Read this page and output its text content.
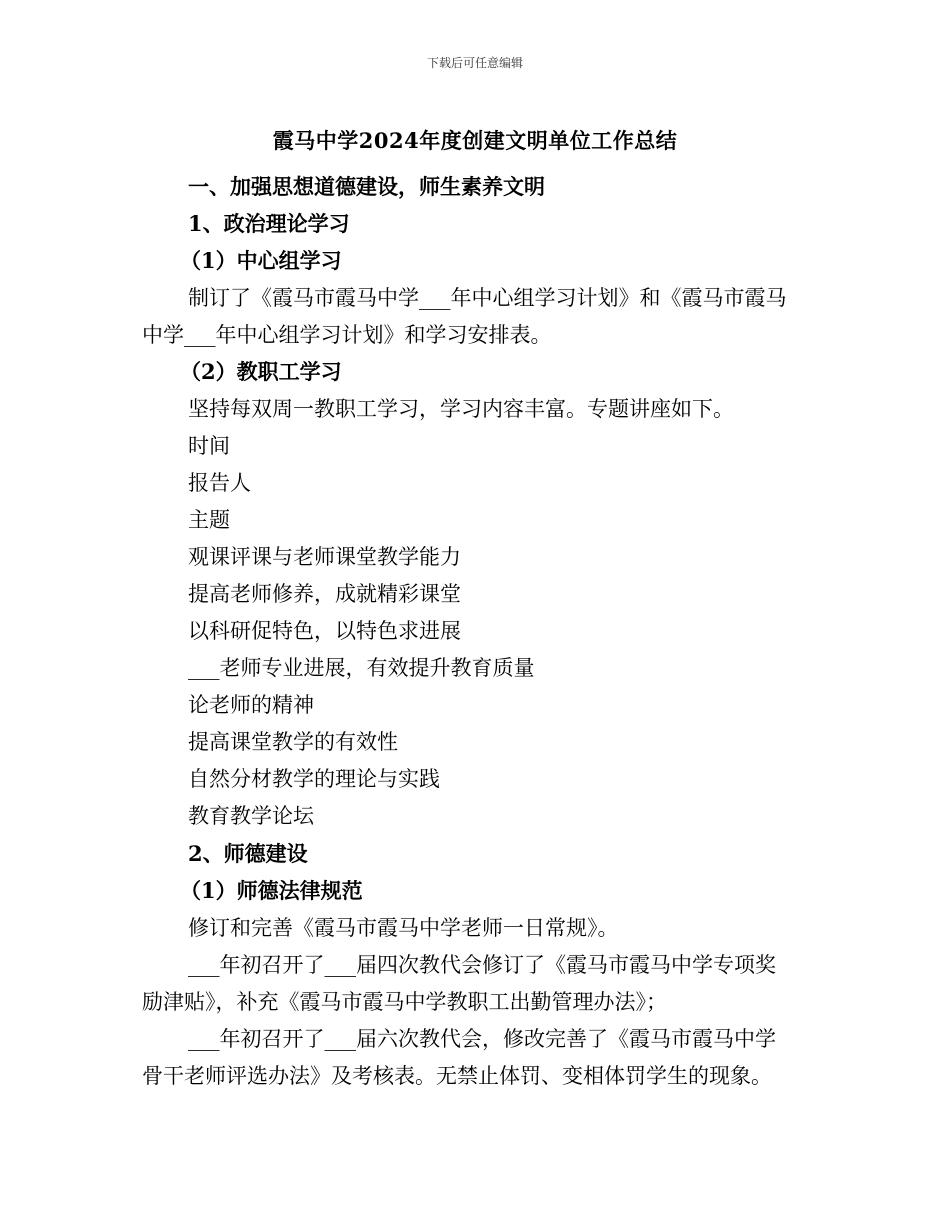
下载后可任意编辑
霞马中学2024年度创建文明单位工作总结
一、加强思想道德建设，师生素养文明
1、政治理论学习
（1）中心组学习
制订了《霞马市霞马中学___年中心组学习计划》和《霞马市霞马
中学___年中心组学习计划》和学习安排表。
（2）教职工学习
坚持每双周一教职工学习，学习内容丰富。专题讲座如下。
时间
报告人
主题
观课评课与老师课堂教学能力
提高老师修养，成就精彩课堂
以科研促特色，以特色求进展
___老师专业进展，有效提升教育质量
论老师的精神
提高课堂教学的有效性
自然分材教学的理论与实践
教育教学论坛
2、师德建设
（1）师德法律规范
修订和完善《霞马市霞马中学老师一日常规》。
___年初召开了___届四次教代会修订了《霞马市霞马中学专项奖
励津贴》，补充《霞马市霞马中学教职工出勤管理办法》；
___年初召开了___届六次教代会，修改完善了《霞马市霞马中学
骨干老师评选办法》及考核表。无禁止体罚、变相体罚学生的现象。
